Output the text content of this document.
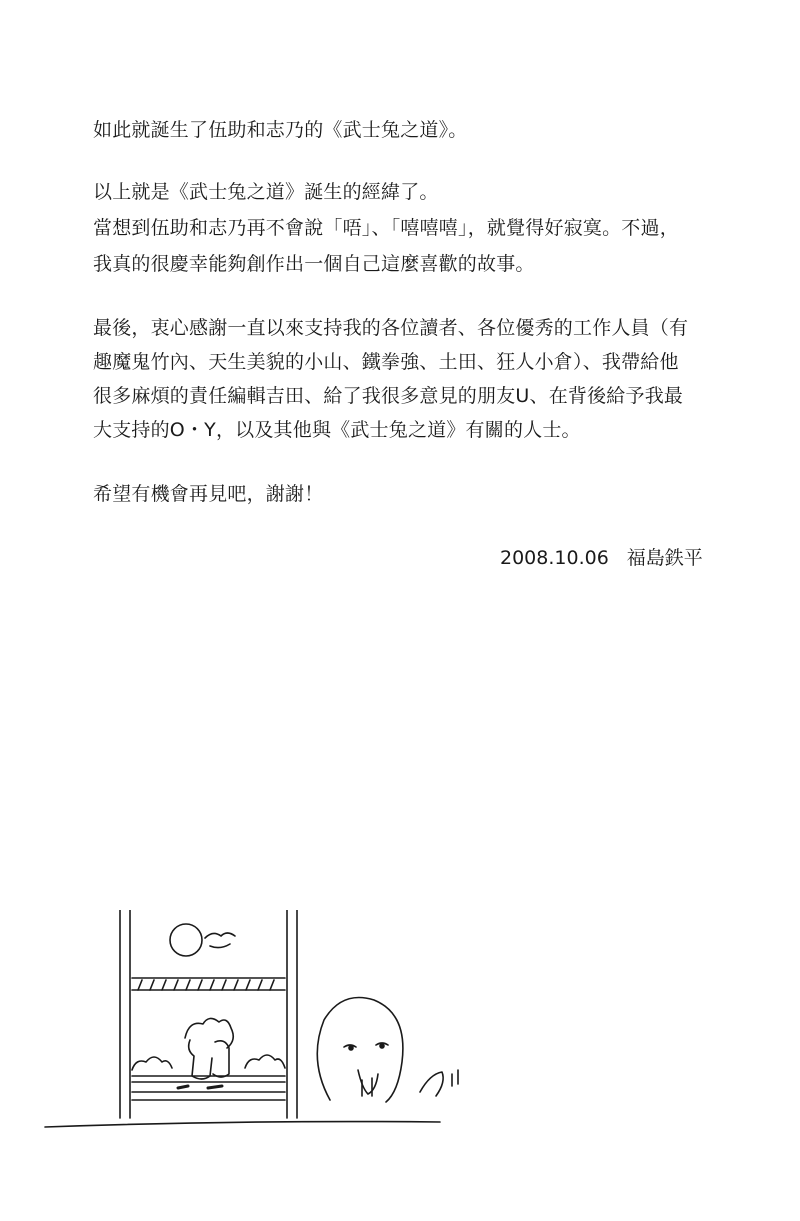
如此就誕生了伍助和志乃的《武士兔之道》。
以上就是《武士兔之道》誕生的經緯了。
當想到伍助和志乃再不會說「唔」、「嘻嘻嘻」，就覺得好寂寞。不過，
我真的很慶幸能夠創作出一個自己這麼喜歡的故事。
最後，衷心感謝一直以來支持我的各位讀者、各位優秀的工作人員（有
趣魔鬼竹內、天生美貌的小山、鐵拳強、土田、狂人小倉）、我帶給他
很多麻煩的責任編輯吉田、給了我很多意見的朋友U、在背後給予我最
大支持的O・Y，以及其他與《武士兔之道》有關的人士。
希望有機會再見吧，謝謝！
2008.10.06 福島鉄平
